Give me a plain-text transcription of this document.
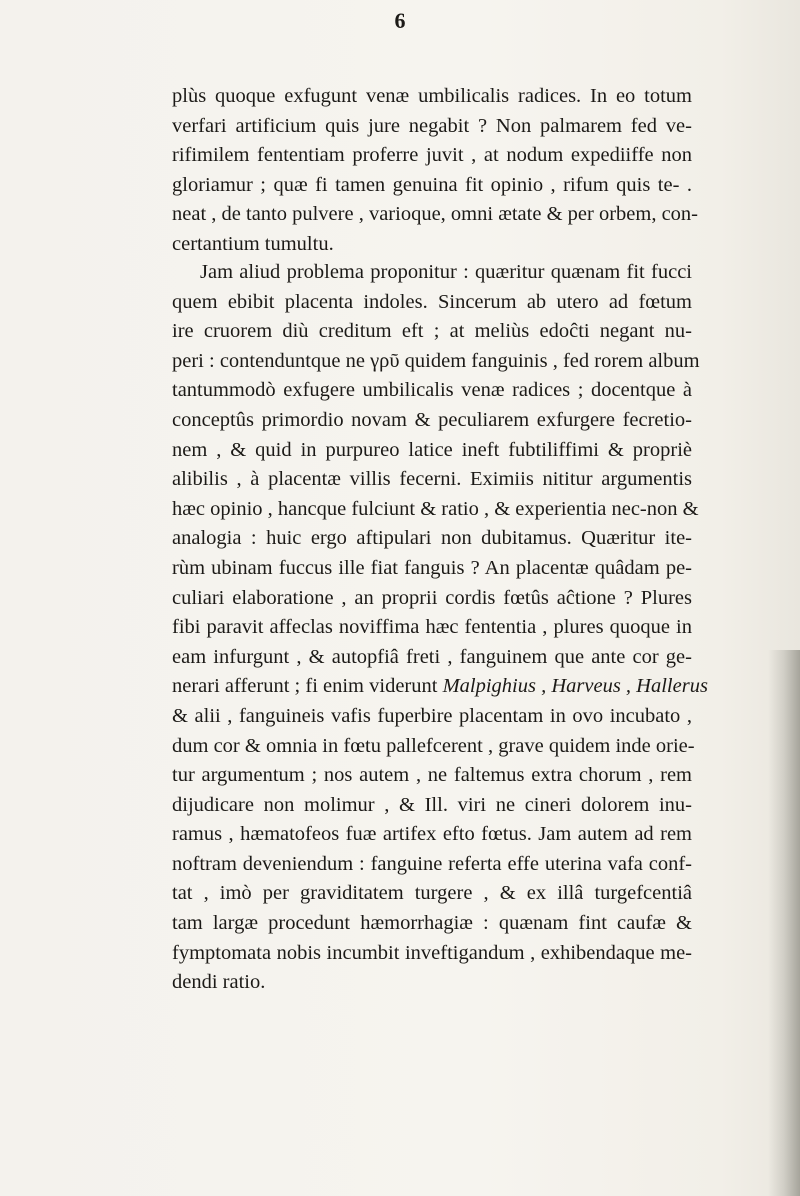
6
plùs quoque exfugunt venæ umbilicalis radices. In eo totum
verfari artificium quis jure negabit ? Non palmarem fed ve-
rifimilem fententiam proferre juvit , at nodum expediiffe non
gloriamur ; quæ fi tamen genuina fit opinio , rifum quis te- .
neat , de tanto pulvere , varioque, omni ætate & per orbem, con-
certantium tumultu.
Jam aliud problema proponitur : quæritur quænam fit fucci
quem ebibit placenta indoles. Sincerum ab utero ad fœtum
ire cruorem diù creditum eft ; at meliùs edoĉti negant nu-
peri : contenduntque ne γρῦ quidem fanguinis , fed rorem album
tantummodò exfugere umbilicalis venæ radices ; docentque à
conceptûs primordio novam & peculiarem exfurgere fecretio-
nem , & quid in purpureo latice ineft fubtiliffimi & propriè
alibilis , à placentæ villis fecerni. Eximiis nititur argumentis
hæc opinio , hancque fulciunt & ratio , & experientia nec-non &
analogia : huic ergo aftipulari non dubitamus. Quæritur ite-
rùm ubinam fuccus ille fiat fanguis ? An placentæ quâdam pe-
culiari elaboratione , an proprii cordis fœtûs aĉtione ? Plures
fibi paravit affeclas noviffima hæc fententia , plures quoque in
eam infurgunt , & autopfiâ freti , fanguinem que ante cor ge-
nerari afferunt ; fi enim viderunt Malpighius , Harveus , Hallerus
& alii , fanguineis vafis fuperbire placentam in ovo incubato ,
dum cor & omnia in fœtu pallefcerent , grave quidem inde orie-
tur argumentum ; nos autem , ne faltemus extra chorum , rem
dijudicare non molimur , & Ill. viri ne cineri dolorem inu-
ramus , hæmatofeos fuæ artifex efto fœtus. Jam autem ad rem
noftram deveniendum : fanguine referta effe uterina vafa conf-
tat , imò per graviditatem turgere , & ex illâ turgefcentiâ
tam largæ procedunt hæmorrhagiæ : quænam fint caufæ &
fymptomata nobis incumbit inveftigandum , exhibendaque me-
dendi ratio.
